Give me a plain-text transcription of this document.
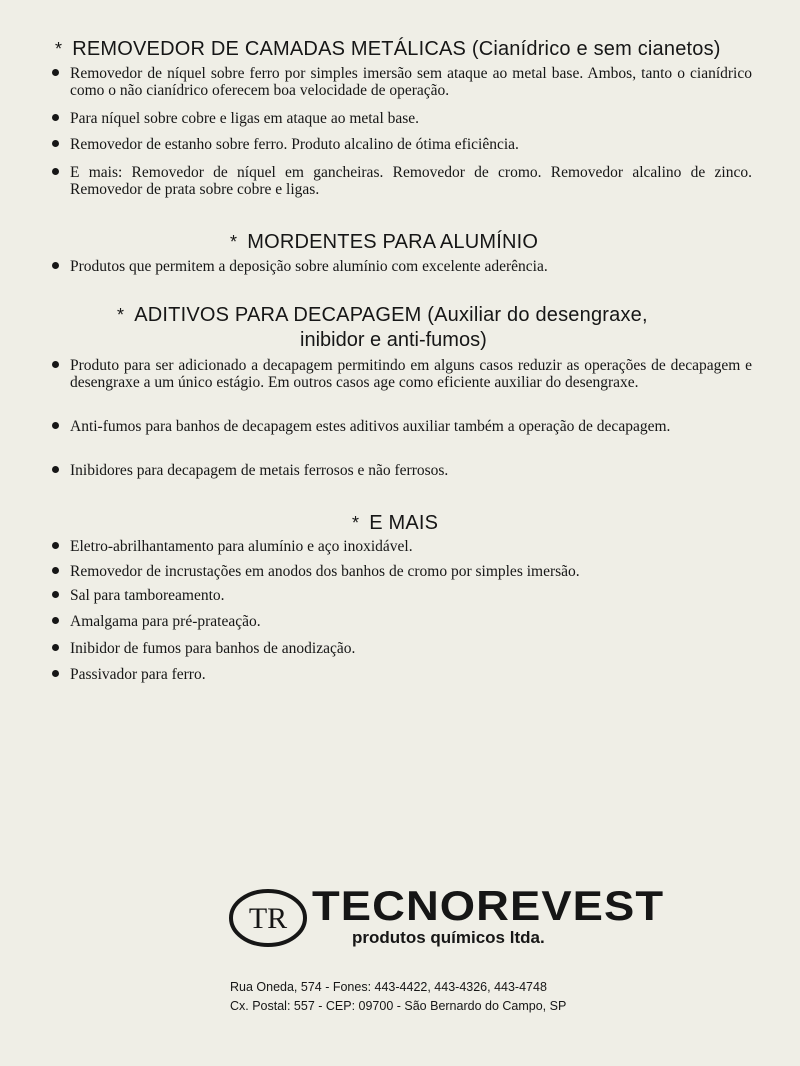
* REMOVEDOR DE CAMADAS METÁLICAS (Cianídrico e sem cianetos)
Removedor de níquel sobre ferro por simples imersão sem ataque ao metal base. Ambos, tanto o cianídrico como o não cianídrico oferecem boa velocidade de operação.
Para níquel sobre cobre e ligas em ataque ao metal base.
Removedor de estanho sobre ferro. Produto alcalino de ótima eficiência.
E mais: Removedor de níquel em gancheiras. Removedor de cromo. Removedor alcalino de zinco. Removedor de prata sobre cobre e ligas.
* MORDENTES PARA ALUMÍNIO
Produtos que permitem a deposição sobre alumínio com excelente aderência.
* ADITIVOS PARA DECAPAGEM (Auxiliar do desengraxe,
inibidor e anti-fumos)
Produto para ser adicionado a decapagem permitindo em alguns casos reduzir as operações de decapagem e desengraxe a um único estágio. Em outros casos age como eficiente auxiliar do desengraxe.
Anti-fumos para banhos de decapagem estes aditivos auxiliar também a operação de decapagem.
Inibidores para decapagem de metais ferrosos e não ferrosos.
* E MAIS
Eletro-abrilhantamento para alumínio e aço inoxidável.
Removedor de incrustações em anodos dos banhos de cromo por simples imersão.
Sal para tamboreamento.
Amalgama para pré-prateação.
Inibidor de fumos para banhos de anodização.
Passivador para ferro.
TR TECNOREVEST
produtos químicos ltda.
Rua Oneda, 574 - Fones: 443-4422, 443-4326, 443-4748
Cx. Postal: 557 - CEP: 09700 - São Bernardo do Campo, SP
